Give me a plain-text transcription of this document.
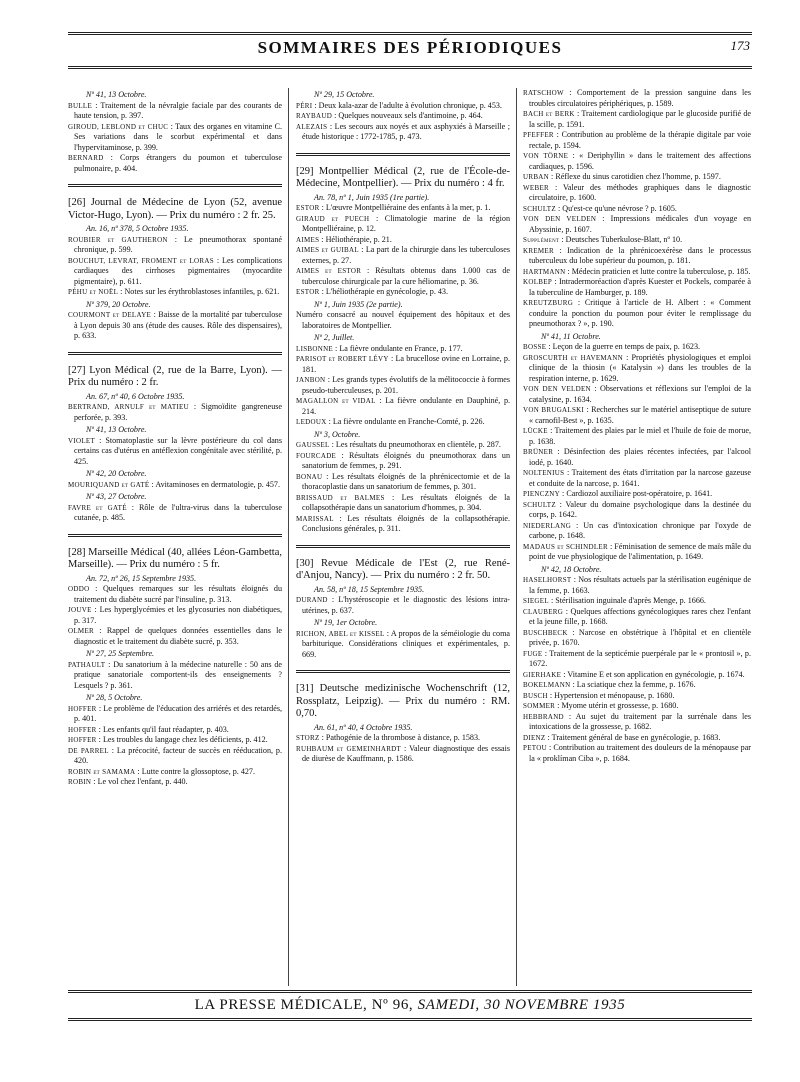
SOMMAIRES DES PÉRIODIQUES	173
Nº 41, 13 Octobre.

BULLE : Traitement de la névralgie faciale par des courants de haute tension, p. 397.

GIROUD, LEBLOND et CHUC : Taux des organes en vitamine C. Ses variations dans le scorbut expérimental et dans l'hypervitaminose, p. 399.

BERNARD : Corps étrangers du poumon et tuberculose pulmonaire, p. 404.

[26] Journal de Médecine de Lyon (52, avenue Victor-Hugo, Lyon). — Prix du numéro : 2 fr. 25.

An. 16, nº 378, 5 Octobre 1935.

ROUBIER et GAUTHERON : Le pneumothorax spontané chronique, p. 599.

BOUCHUT, LEVRAT, FROMENT et LORAS : Les complications cardiaques des cirrhoses pigmentaires (myocardite pigmentaire), p. 611.

PÉHU et NOËL : Notes sur les érythroblastoses infantiles, p. 621.

Nº 379, 20 Octobre.

COURMONT et DELAYE : Baisse de la mortalité par tuberculose à Lyon depuis 30 ans (étude des causes. Rôle des dispensaires), p. 633.

[27] Lyon Médical (2, rue de la Barre, Lyon). — Prix du numéro : 2 fr.

An. 67, nº 40, 6 Octobre 1935.

BERTRAND, ARNULF et MATIEU : Sigmoïdite gangreneuse perforée, p. 393.

Nº 41, 13 Octobre.

VIOLET : Stomatoplastie sur la lèvre postérieure du col dans certains cas d'utérus en antéflexion congénitale avec stérilité, p. 425.

Nº 42, 20 Octobre.

MOURIQUAND et GATÉ : Avitaminoses en dermatologie, p. 457.

Nº 43, 27 Octobre.

FAVRE et GATÉ : Rôle de l'ultra-virus dans la tuberculose cutanée, p. 485.

[28] Marseille Médical (40, allées Léon-Gambetta, Marseille). — Prix du numéro : 5 fr.

An. 72, nº 26, 15 Septembre 1935.

ODDO : Quelques remarques sur les résultats éloignés du traitement du diabète sucré par l'insuline, p. 313.

JOUVE : Les hyperglycémies et les glycosuries non diabétiques, p. 317.

OLMER : Rappel de quelques données essentielles dans le diagnostic et le traitement du diabète sucré, p. 353.

Nº 27, 25 Septembre.

PATHAULT : Du sanatorium à la médecine naturelle : 50 ans de pratique sanatoriale comportent-ils des enseignements ? Lesquels ? p. 361.

Nº 28, 5 Octobre.

HOFFER : Le problème de l'éducation des arriérés et des retardés, p. 401.

HOFFER : Les enfants qu'il faut réadapter, p. 403.

HOFFER : Les troubles du langage chez les déficients, p. 412.

DE PARREL : La précocité, facteur de succès en rééducation, p. 420.

ROBIN et SAMAMA : Lutte contre la glossoptose, p. 427.

ROBIN : Le vol chez l'enfant, p. 440.

Nº 29, 15 Octobre.

PÉRI : Deux kala-azar de l'adulte à évolution chronique, p. 453.

RAYBAUD : Quelques nouveaux sels d'antimoine, p. 464.

ALEZAIS : Les secours aux noyés et aux asphyxiés à Marseille ; étude historique : 1772-1785, p. 473.

[29] Montpellier Médical (2, rue de l'École-de-Médecine, Montpellier). — Prix du numéro : 4 fr.

An. 78, nº 1, Juin 1935 (1re partie).

ESTOR : L'œuvre Montpelliéraine des enfants à la mer, p. 1.

GIRAUD et PUECH : Climatologie marine de la région Montpelliéraine, p. 12.

AIMES : Héliothérapie, p. 21.

AIMES et GUIBAL : La part de la chirurgie dans les tuberculoses externes, p. 27.

AIMES et ESTOR : Résultats obtenus dans 1.000 cas de tuberculose chirurgicale par la cure héliomarine, p. 36.

ESTOR : L'héliothérapie en gynécologie, p. 43.

Nº 1, Juin 1935 (2e partie).

Numéro consacré au nouvel équipement des hôpitaux et des laboratoires de Montpellier.

Nº 2, Juillet.

LISBONNE : La fièvre ondulante en France, p. 177.

PARISOT et ROBERT LÉVY : La brucellose ovine en Lorraine, p. 181.

JANBON : Les grands types évolutifs de la mélitococcie à formes pseudo-tuberculeuses, p. 201.

MAGALLON et VIDAL : La fièvre ondulante en Dauphiné, p. 214.

LEDOUX : La fièvre ondulante en Franche-Comté, p. 226.

Nº 3, Octobre.

GAUSSEL : Les résultats du pneumothorax en clientèle, p. 287.

FOURCADE : Résultats éloignés du pneumothorax dans un sanatorium de femmes, p. 291.

BONAU : Les résultats éloignés de la phrénicectomie et de la thoracoplastie dans un sanatorium de femmes, p. 301.

BRISSAUD et BALMES : Les résultats éloignés de la collapsothérapie dans un sanatorium d'hommes, p. 304.

MARISSAL : Les résultats éloignés de la collapsothérapie. Conclusions générales, p. 311.

[30] Revue Médicale de l'Est (2, rue René-d'Anjou, Nancy). — Prix du numéro : 2 fr. 50.

An. 58, nº 18, 15 Septembre 1935.

DURAND : L'hystéroscopie et le diagnostic des lésions intra-utérines, p. 637.

Nº 19, 1er Octobre.

RICHON, ABEL et KISSEL : A propos de la séméiologie du coma barbiturique. Considérations cliniques et expérimentales, p. 669.

[31] Deutsche medizinische Wochenschrift (12, Rossplatz, Leipzig). — Prix du numéro : RM. 0,70.

An. 61, nº 40, 4 Octobre 1935.

STORZ : Pathogénie de la thrombose à distance, p. 1583.

RUHBAUM et GEMEINHARDT : Valeur diagnostique des essais de diurèse de Kauffmann, p. 1586.

RATSCHOW : Comportement de la pression sanguine dans les troubles circulatoires périphériques, p. 1589.

BACH et BERK : Traitement cardiologique par le glucoside purifié de la scille, p. 1591.

PFEFFER : Contribution au problème de la thérapie digitale par voie rectale, p. 1594.

VON TÖRNE : « Deriphyllin » dans le traitement des affections cardiaques, p. 1596.

URBAN : Réflexe du sinus carotidien chez l'homme, p. 1597.

WEBER : Valeur des méthodes graphiques dans le diagnostic circulatoire, p. 1600.

SCHULTZ : Qu'est-ce qu'une névrose ? p. 1605.

VON DEN VELDEN : Impressions médicales d'un voyage en Abyssinie, p. 1607.

Supplément : Deutsches Tuberkulose-Blatt, nº 10.

KREMER : Indication de la phrénicoexérèse dans le processus tuberculeux du lobe supérieur du poumon, p. 181.

HARTMANN : Médecin praticien et lutte contre la tuberculose, p. 185.

KOLBEP : Intradermoréaction d'après Kuester et Pockels, comparée à la tuberculine de Hamburger, p. 189.

KREUTZBURG : Critique à l'article de H. Albert : « Comment conduire la ponction du poumon pour éviter le remplissage du pneumothorax ? », p. 190.

Nº 41, 11 Octobre.

BOSSE : Leçon de la guerre en temps de paix, p. 1623.

GROSCURTH et HAVEMANN : Propriétés physiologiques et emploi clinique de la thiosin (« Katalysin ») dans les troubles de la respiration interne, p. 1629.

VON DEN VELDEN : Observations et réflexions sur l'emploi de la catalysine, p. 1634.

VON BRUGALSKI : Recherches sur le matériel antiseptique de suture « carnofil-Best », p. 1635.

LÜCKE : Traitement des plaies par le miel et l'huile de foie de morue, p. 1638.

BRÜNER : Désinfection des plaies récentes infectées, par l'alcool iodé, p. 1640.

NOLTENIUS : Traitement des états d'irritation par la narcose gazeuse et conduite de la narcose, p. 1641.

PIENCZNY : Cardiozol auxiliaire post-opératoire, p. 1641.

SCHULTZ : Valeur du domaine psychologique dans la destinée du corps, p. 1642.

NIEDERLANG : Un cas d'intoxication chronique par l'oxyde de carbone, p. 1648.

MADAUS et SCHINDLER : Féminisation de semence de maïs mâle du point de vue physiologique de l'alimentation, p. 1649.

Nº 42, 18 Octobre.

HASELHORST : Nos résultats actuels par la stérilisation eugénique de la femme, p. 1663.

SIEGEL : Stérilisation inguinale d'après Menge, p. 1666.

CLAUBERG : Quelques affections gynécologiques rares chez l'enfant et la jeune fille, p. 1668.

BUSCHBECK : Narcose en obstétrique à l'hôpital et en clientèle privée, p. 1670.

FUGE : Traitement de la septicémie puerpérale par le « prontosil », p. 1672.

GIERHAKE : Vitamine E et son application en gynécologie, p. 1674.

BOKELMANN : La sciatique chez la femme, p. 1676.

BUSCH : Hypertension et ménopause, p. 1680.

SOMMER : Myome utérin et grossesse, p. 1680.

HEBBRAND : Au sujet du traitement par la surrénale dans les intoxications de la grossesse, p. 1682.

DIENZ : Traitement général de base en gynécologie, p. 1683.

PETOU : Contribution au traitement des douleurs de la ménopause par la « proklíman Ciba », p. 1684.

LA PRESSE MÉDICALE, Nº 96, SAMEDI, 30 NOVEMBRE 1935
